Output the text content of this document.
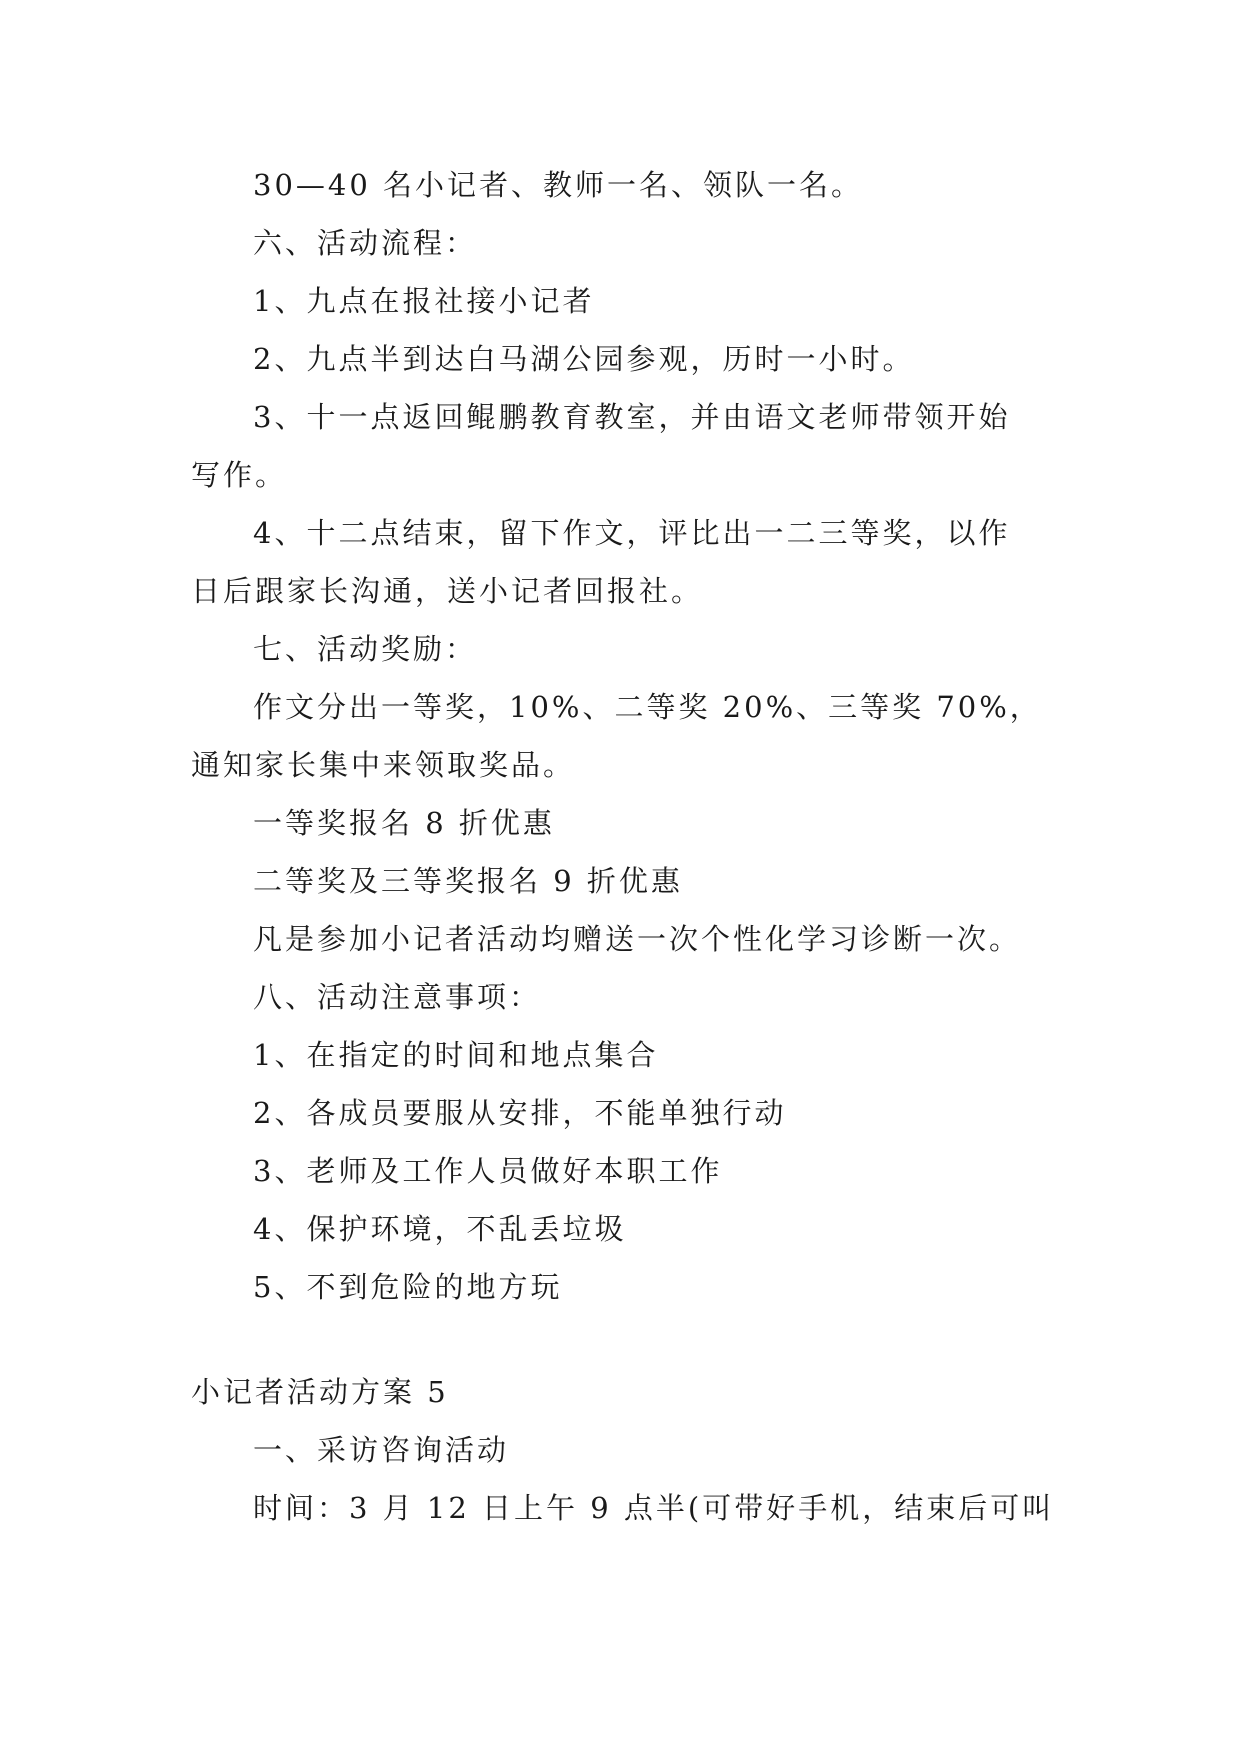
30—40 名小记者、教师一名、领队一名。
六、活动流程：
1、九点在报社接小记者
2、九点半到达白马湖公园参观，历时一小时。
3、十一点返回鲲鹏教育教室，并由语文老师带领开始
写作。
4、十二点结束，留下作文，评比出一二三等奖，以作
日后跟家长沟通，送小记者回报社。
七、活动奖励：
作文分出一等奖，10%、二等奖 20%、三等奖 70%，
通知家长集中来领取奖品。
一等奖报名 8 折优惠
二等奖及三等奖报名 9 折优惠
凡是参加小记者活动均赠送一次个性化学习诊断一次。
八、活动注意事项：
1、在指定的时间和地点集合
2、各成员要服从安排，不能单独行动
3、老师及工作人员做好本职工作
4、保护环境，不乱丢垃圾
5、不到危险的地方玩
小记者活动方案 5
一、采访咨询活动
时间：3 月 12 日上午 9 点半(可带好手机，结束后可叫
